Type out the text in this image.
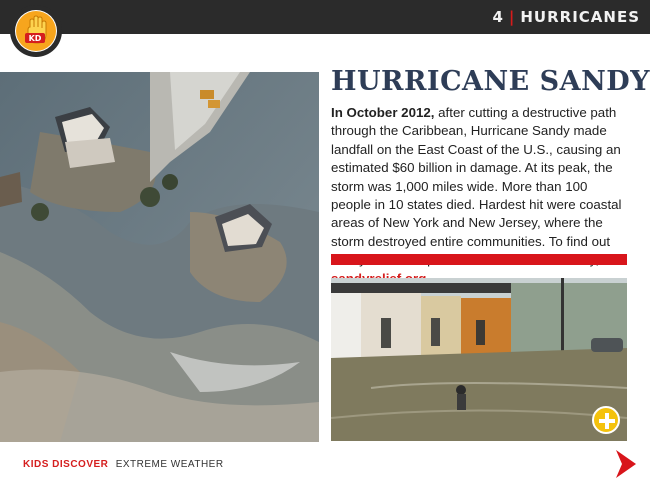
4 | HURRICANES
KD
HURRICANE SANDY
In October 2012, after cutting a destructive path through the Caribbean, Hurricane Sandy made landfall on the East Coast of the U.S., causing an estimated $60 billion in damage. At its peak, the storm was 1,000 miles wide. More than 100 people in 10 states died. Hardest hit were coastal areas of New York and New Jersey, where the storm destroyed entire communities. To find out
KIDS DISCOVER EXTREME WEATHER
